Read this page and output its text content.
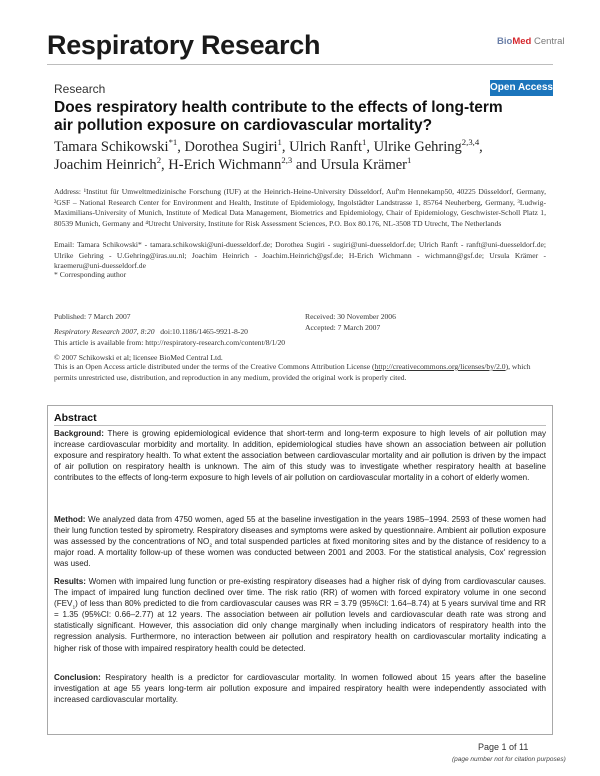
Respiratory Research	BioMed Central
Research	Open Access
Does respiratory health contribute to the effects of long-term air pollution exposure on cardiovascular mortality?
Tamara Schikowski$^{*1}$, Dorothea Sugiri$^1$, Ulrich Ranft$^1$, Ulrike Gehring$^{2,3,4}$,
Joachim Heinrich$^2$, H-Erich Wichmann$^{2,3}$ and Ursula Krämer$^1$
Address: ¹Institut für Umweltmedizinische Forschung (IUF) at the Heinrich-Heine-University Düsseldorf, Auf'm Hennekamp50, 40225 Düsseldorf, Germany, ²GSF – National Research Center for Environment and Health, Institute of Epidemiology, Ingolstädter Landstrasse 1, 85764 Neuherberg, Germany, ³Ludwig-Maximilians-University of Munich, Institute of Medical Data Management, Biometrics and Epidemiology, Chair of Epidemiology, Geschwister-Scholl Platz 1, 80539 Munich, Germany and ⁴Utrecht University, Institute for Risk Assessment Sciences, P.O. Box 80.176, NL-3508 TD Utrecht, The Netherlands
Email: Tamara Schikowski* - tamara.schikowski@uni-duesseldorf.de; Dorothea Sugiri - sugiri@uni-duesseldorf.de; Ulrich Ranft - ranft@uni-duesseldorf.de; Ulrike Gehring - U.Gehring@iras.uu.nl; Joachim Heinrich - Joachim.Heinrich@gsf.de; H-Erich Wichmann - wichmann@gsf.de; Ursula Krämer - kraemeru@uni-duesseldorf.de
* Corresponding author
Published: 7 March 2007
Respiratory Research 2007, 8:20 doi:10.1186/1465-9921-8-20
Received: 30 November 2006
Accepted: 7 March 2007
This article is available from: http://respiratory-research.com/content/8/1/20
© 2007 Schikowski et al; licensee BioMed Central Ltd.
This is an Open Access article distributed under the terms of the Creative Commons Attribution License (http://creativecommons.org/licenses/by/2.0), which permits unrestricted use, distribution, and reproduction in any medium, provided the original work is properly cited.
Abstract
Background: There is growing epidemiological evidence that short-term and long-term exposure to high levels of air pollution may increase cardiovascular morbidity and mortality. In addition, epidemiological studies have shown an association between air pollution exposure and respiratory health. To what extent the association between cardiovascular mortality and air pollution is driven by the impact of air pollution on respiratory health is unknown. The aim of this study was to investigate whether respiratory health at baseline contributes to the effects of long-term exposure to high levels of air pollution on cardiovascular mortality in a cohort of elderly women.
Method: We analyzed data from 4750 women, aged 55 at the baseline investigation in the years 1985–1994. 2593 of these women had their lung function tested by spirometry. Respiratory diseases and symptoms were asked by questionnaire. Ambient air pollution exposure was assessed by the concentrations of $NO_2$ and total suspended particles at fixed monitoring sites and by the distance of residency to a major road. A mortality follow-up of these women was conducted between 2001 and 2003. For the statistical analysis, Cox' regression was used.
Results: Women with impaired lung function or pre-existing respiratory diseases had a higher risk of dying from cardiovascular causes. The impact of impaired lung function declined over time. The risk ratio (RR) of women with forced expiratory volume in one second $(FEV_1)$ of less than 80% predicted to die from cardiovascular causes was RR = 3.79 (95%CI: 1.64–8.74) at 5 years survival time and RR = 1.35 (95%CI: 0.66–2.77) at 12 years. The association between air pollution levels and cardiovascular death rate was strong and statistically significant. However, this association did only change marginally when including indicators of respiratory health into the regression analysis. Furthermore, no interaction between air pollution and respiratory health on cardiovascular mortality indicating a higher risk of those with impaired respiratory health could be detected.
Conclusion: Respiratory health is a predictor for cardiovascular mortality. In women followed about 15 years after the baseline investigation at age 55 years long-term air pollution exposure and impaired respiratory health were independently associated with increased cardiovascular mortality.
Page 1 of 11
(page number not for citation purposes)
